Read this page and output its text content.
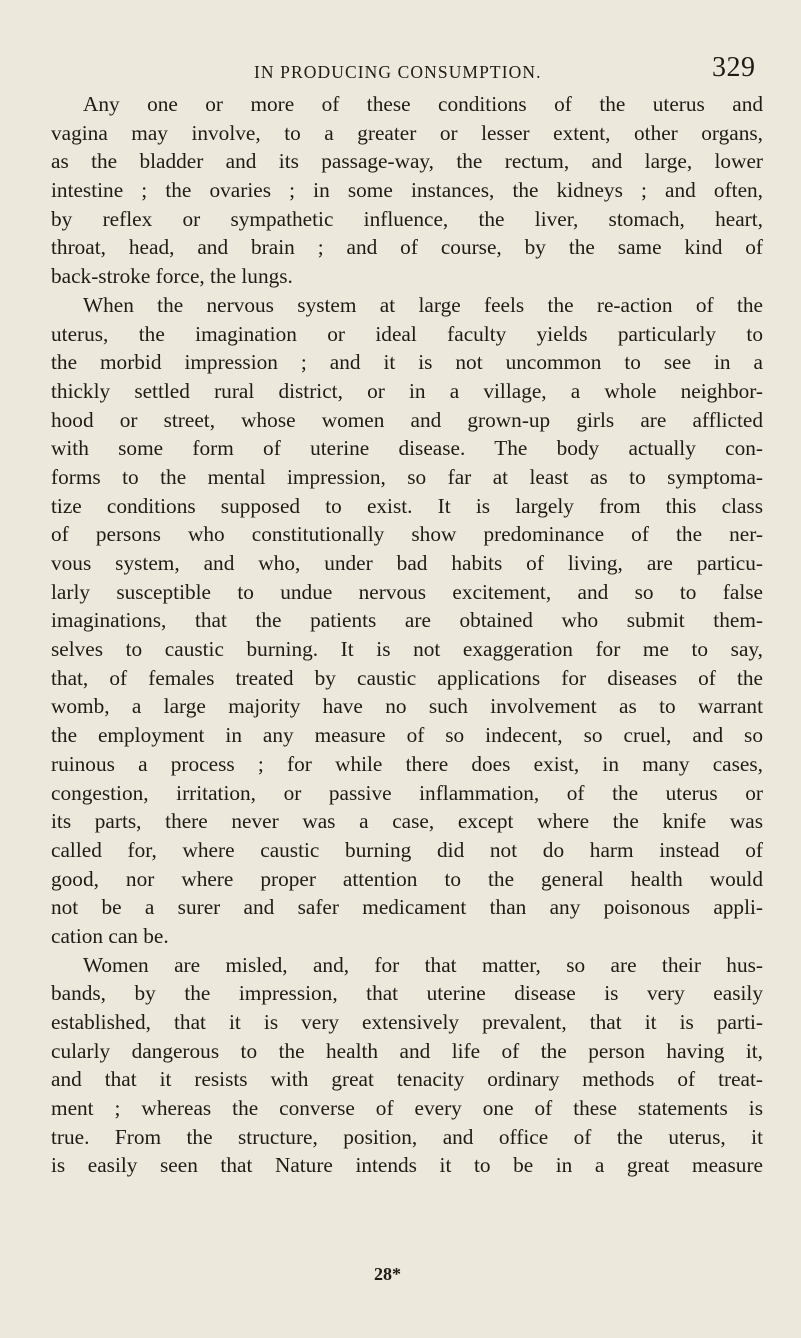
IN PRODUCING CONSUMPTION.	329
Any one or more of these conditions of the uterus and
vagina may involve, to a greater or lesser extent, other organs,
as the bladder and its passage-way, the rectum, and large, lower
intestine ; the ovaries ; in some instances, the kidneys ; and often,
by reflex or sympathetic influence, the liver, stomach, heart,
throat, head, and brain ; and of course, by the same kind of
back-stroke force, the lungs.
When the nervous system at large feels the re-action of the
uterus, the imagination or ideal faculty yields particularly to
the morbid impression ; and it is not uncommon to see in a
thickly settled rural district, or in a village, a whole neighbor-
hood or street, whose women and grown-up girls are afflicted
with some form of uterine disease. The body actually con-
forms to the mental impression, so far at least as to symptoma-
tize conditions supposed to exist. It is largely from this class
of persons who constitutionally show predominance of the ner-
vous system, and who, under bad habits of living, are particu-
larly susceptible to undue nervous excitement, and so to false
imaginations, that the patients are obtained who submit them-
selves to caustic burning. It is not exaggeration for me to say,
that, of females treated by caustic applications for diseases of the
womb, a large majority have no such involvement as to warrant
the employment in any measure of so indecent, so cruel, and so
ruinous a process ; for while there does exist, in many cases,
congestion, irritation, or passive inflammation, of the uterus or
its parts, there never was a case, except where the knife was
called for, where caustic burning did not do harm instead of
good, nor where proper attention to the general health would
not be a surer and safer medicament than any poisonous appli-
cation can be.
Women are misled, and, for that matter, so are their hus-
bands, by the impression, that uterine disease is very easily
established, that it is very extensively prevalent, that it is parti-
cularly dangerous to the health and life of the person having it,
and that it resists with great tenacity ordinary methods of treat-
ment ; whereas the converse of every one of these statements is
true. From the structure, position, and office of the uterus, it
is easily seen that Nature intends it to be in a great measure
28*
